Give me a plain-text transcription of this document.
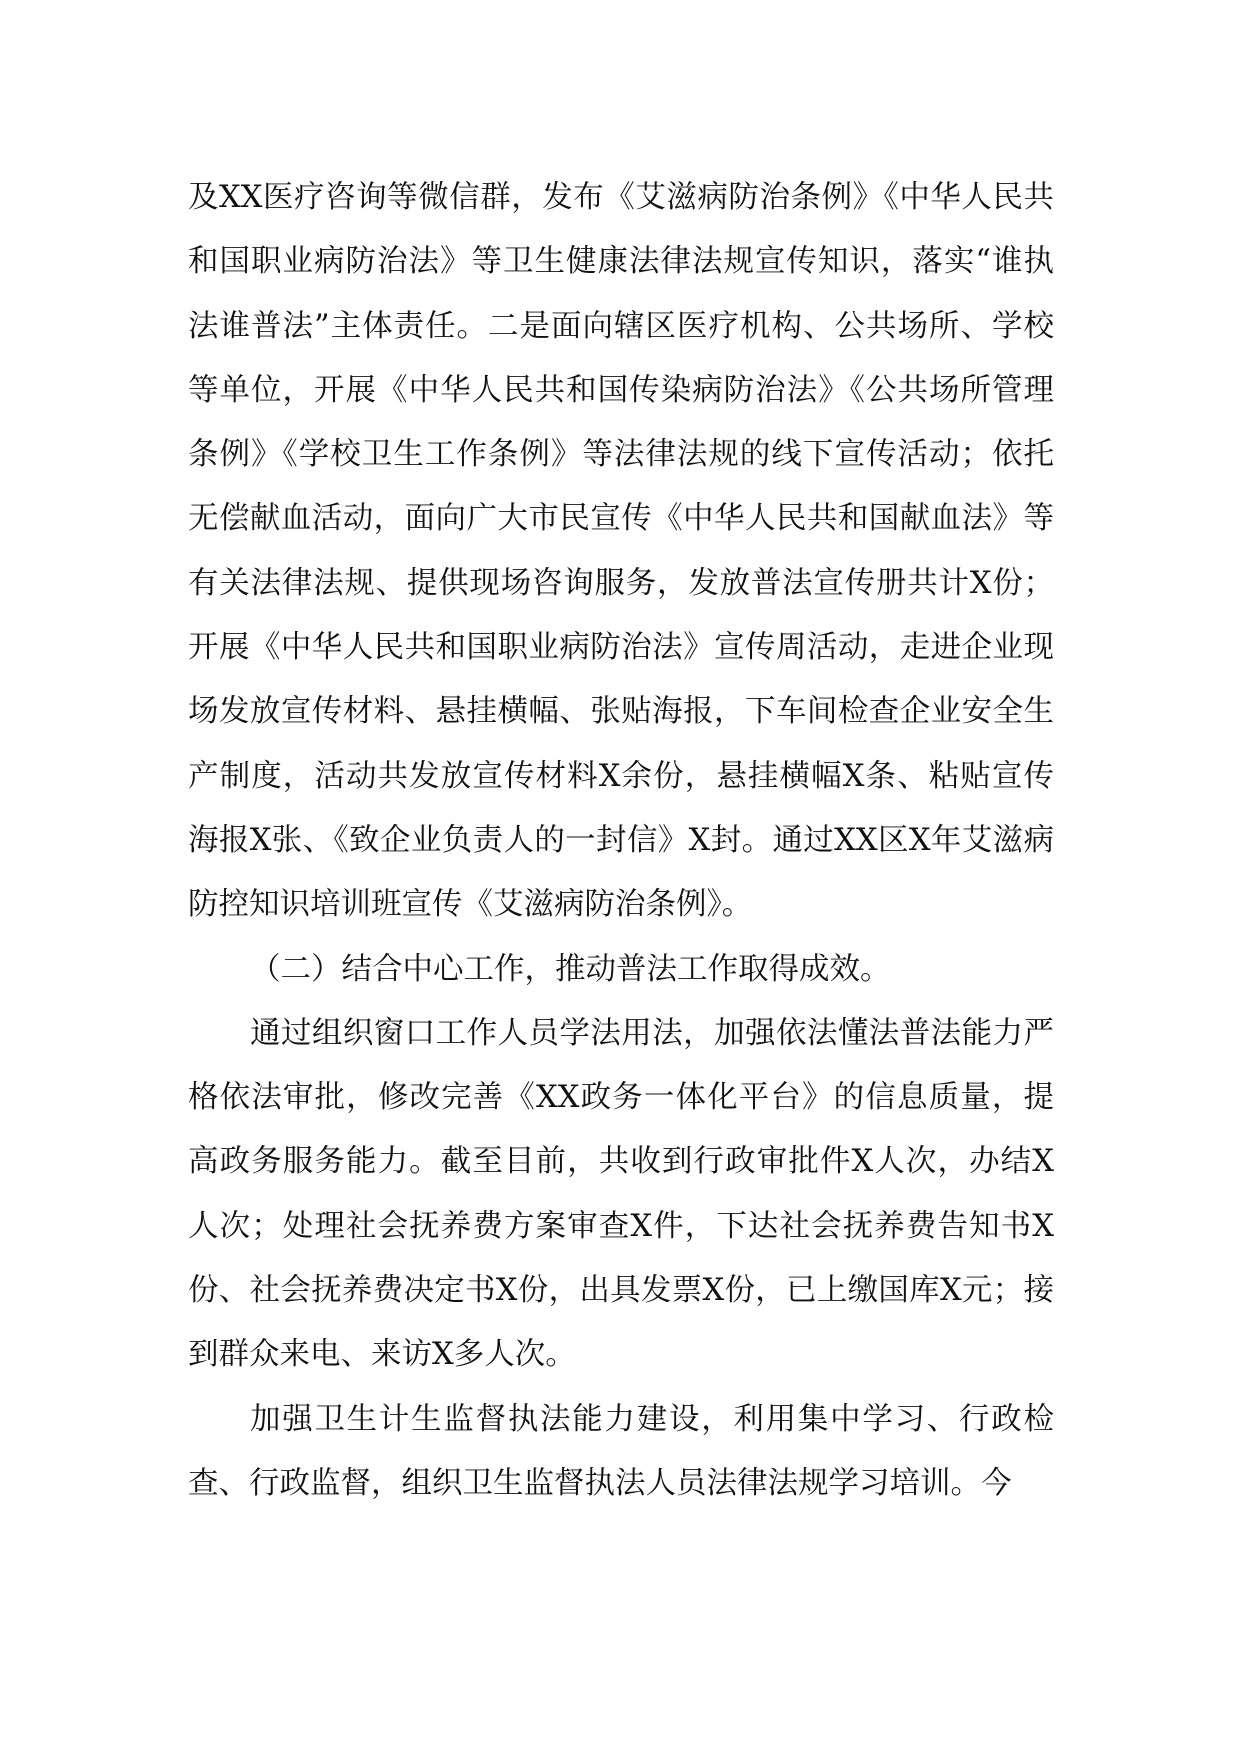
及XX医疗咨询等微信群，发布《艾滋病防治条例》《中华人民共和国职业病防治法》等卫生健康法律法规宣传知识，落实“谁执法谁普法”主体责任。二是面向辖区医疗机构、公共场所、学校等单位，开展《中华人民共和国传染病防治法》《公共场所管理条例》《学校卫生工作条例》等法律法规的线下宣传活动；依托无偿献血活动，面向广大市民宣传《中华人民共和国献血法》等有关法律法规、提供现场咨询服务，发放普法宣传册共计X份；开展《中华人民共和国职业病防治法》宣传周活动，走进企业现场发放宣传材料、悬挂横幅、张贴海报，下车间检查企业安全生产制度，活动共发放宣传材料X余份，悬挂横幅X条、粘贴宣传海报X张、《致企业负责人的一封信》X封。通过XX区X年艾滋病防控知识培训班宣传《艾滋病防治条例》。

（二）结合中心工作，推动普法工作取得成效。

通过组织窗口工作人员学法用法，加强依法懂法普法能力严格依法审批，修改完善《XX政务一体化平台》的信息质量，提高政务服务能力。截至目前，共收到行政审批件X人次，办结X人次；处理社会抚养费方案审查X件，下达社会抚养费告知书X份、社会抚养费决定书X份，出具发票X份，已上缴国库X元；接到群众来电、来访X多人次。

加强卫生计生监督执法能力建设，利用集中学习、行政检查、行政监督，组织卫生监督执法人员法律法规学习培训。今
